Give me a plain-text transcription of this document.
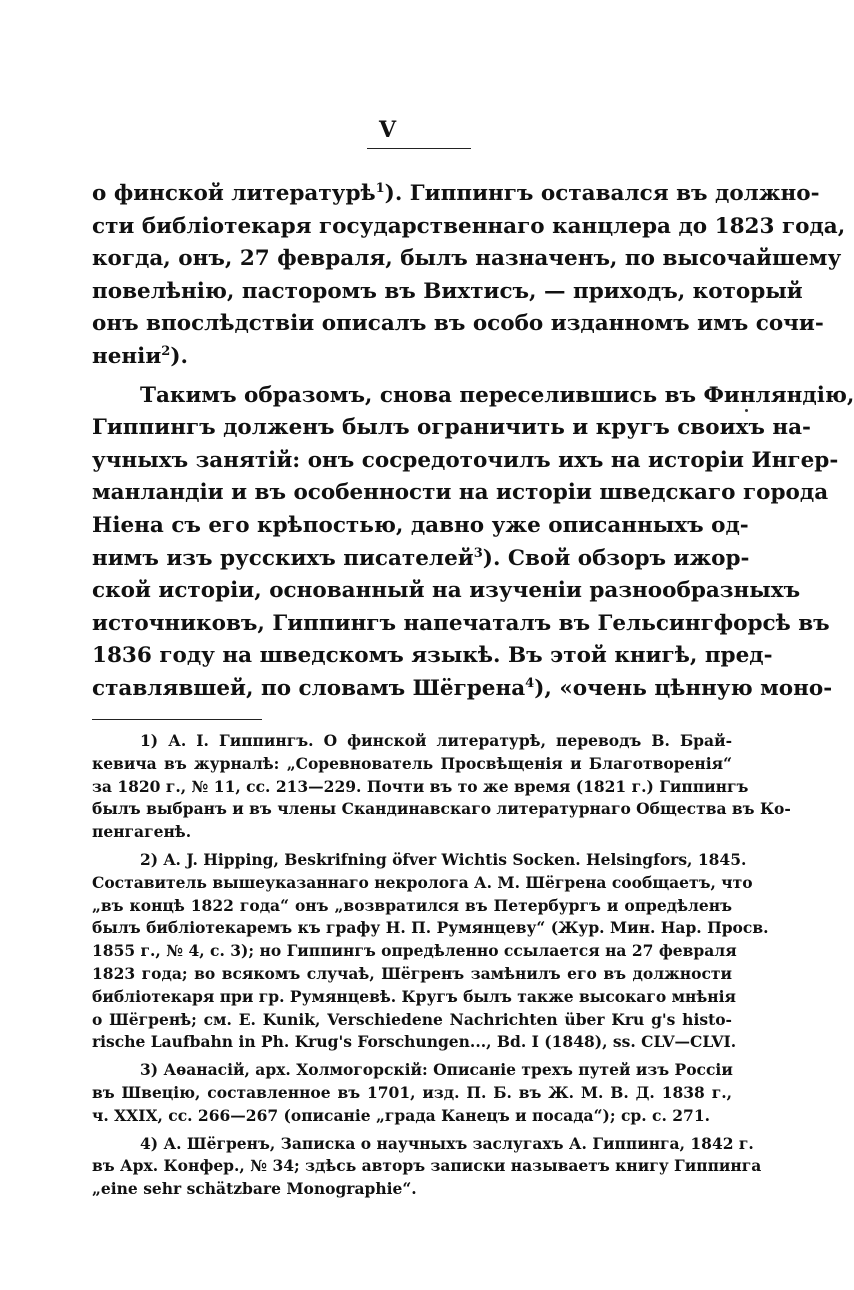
V
о финской литературѣ$^1$). Гиппингъ оставался въ должно-
сти библіотекаря государственнаго канцлера до 1823 года,
когда, онъ, 27 февраля, былъ назначенъ, по высочайшему
повелѣнію, пасторомъ въ Вихтисъ, — приходъ, который
онъ впослѣдствіи описалъ въ особо изданномъ имъ сочи-
неніи$^2$).
Такимъ образомъ, снова переселившись въ Финляндію,
Гиппингъ долженъ былъ ограничить и кругъ своихъ на-
учныхъ занятій: онъ сосредоточилъ ихъ на исторіи Ингер-
манландіи и въ особенности на исторіи шведскаго города
Ніена съ его крѣпостью, давно уже описанныхъ од-
нимъ изъ русскихъ писателей$^3$). Свой обзоръ ижор-
ской исторіи, основанный на изученіи разнообразныхъ
источниковъ, Гиппингъ напечаталъ въ Гельсингфорсѣ въ
1836 году на шведскомъ языкѣ. Въ этой книгѣ, пред-
ставлявшей, по словамъ Шёгрена$^4$), «очень цѣнную моно-
1) А. І. Гиппингъ. О финской литературѣ, переводъ В. Брай-
кевича въ журналѣ: „Соревнователь Просвѣщенія и Благотворенія“
за 1820 г., № 11, сс. 213—229. Почти въ то же время (1821 г.) Гиппингъ
былъ выбранъ и въ члены Скандинавскаго литературнаго Общества въ Ко-
пенгагенѣ.
2) A. J. Hipping, Beskrifning öfver Wichtis Socken. Helsingfors, 1845.
Составитель вышеуказаннаго некролога А. М. Шёгрена сообщаетъ, что
„въ концѣ 1822 года“ онъ „возвратился въ Петербургъ и опредѣленъ
былъ библіотекаремъ къ графу Н. П. Румянцеву“ (Жур. Мин. Нар. Просв.
1855 г., № 4, с. 3); но Гиппингъ опредѣленно ссылается на 27 февраля
1823 года; во всякомъ случаѣ, Шёгренъ замѣнилъ его въ должности
библіотекаря при гр. Румянцевѣ. Кругъ былъ также высокаго мнѣнія
о Шёгренѣ; см. E. Kunik, Verschiedene Nachrichten über Kru g's histo-
rische Laufbahn in Ph. Krug's Forschungen..., Bd. I (1848), ss. CLV—CLVI.
3) Аѳанасій, арх. Холмогорскій: Описаніе трехъ путей изъ Россіи
въ Швецію, составленное въ 1701, изд. П. Б. въ Ж. М. В. Д. 1838 г.,
ч. XXIX, сс. 266—267 (описаніе „града Канецъ и посада“); ср. с. 271.
4) А. Шёгренъ, Записка о научныхъ заслугахъ А. Гиппинга, 1842 г.
въ Арх. Конфер., № 34; здѣсь авторъ записки называетъ книгу Гиппинга
„eine sehr schätzbare Monographie“.
